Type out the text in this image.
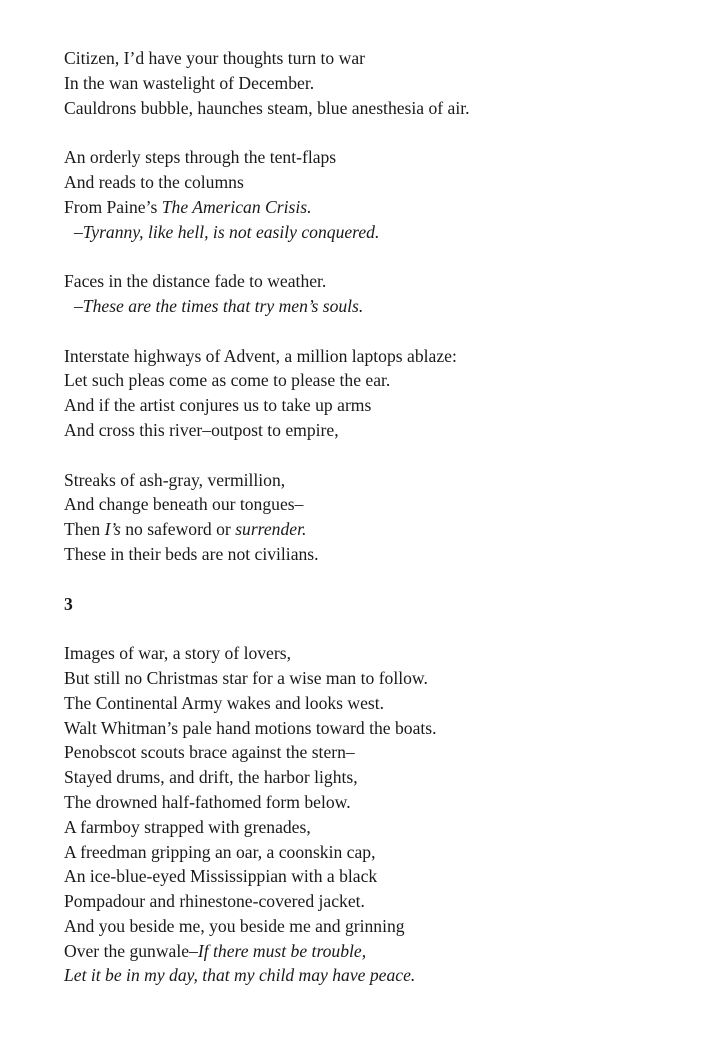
Citizen, I’d have your thoughts turn to war
In the wan wastelight of December.
Cauldrons bubble, haunches steam, blue anesthesia of air.
An orderly steps through the tent-flaps
And reads to the columns
From Paine’s The American Crisis.
–Tyranny, like hell, is not easily conquered.
Faces in the distance fade to weather.
–These are the times that try men’s souls.
Interstate highways of Advent, a million laptops ablaze:
Let such pleas come as come to please the ear.
And if the artist conjures us to take up arms
And cross this river–outpost to empire,
Streaks of ash-gray, vermillion,
And change beneath our tongues–
Then I’s no safeword or surrender.
These in their beds are not civilians.
3
Images of war, a story of lovers,
But still no Christmas star for a wise man to follow.
The Continental Army wakes and looks west.
Walt Whitman’s pale hand motions toward the boats.
Penobscot scouts brace against the stern–
Stayed drums, and drift, the harbor lights,
The drowned half-fathomed form below.
A farmboy strapped with grenades,
A freedman gripping an oar, a coonskin cap,
An ice-blue-eyed Mississippian with a black
Pompadour and rhinestone-covered jacket.
And you beside me, you beside me and grinning
Over the gunwale–If there must be trouble,
Let it be in my day, that my child may have peace.
